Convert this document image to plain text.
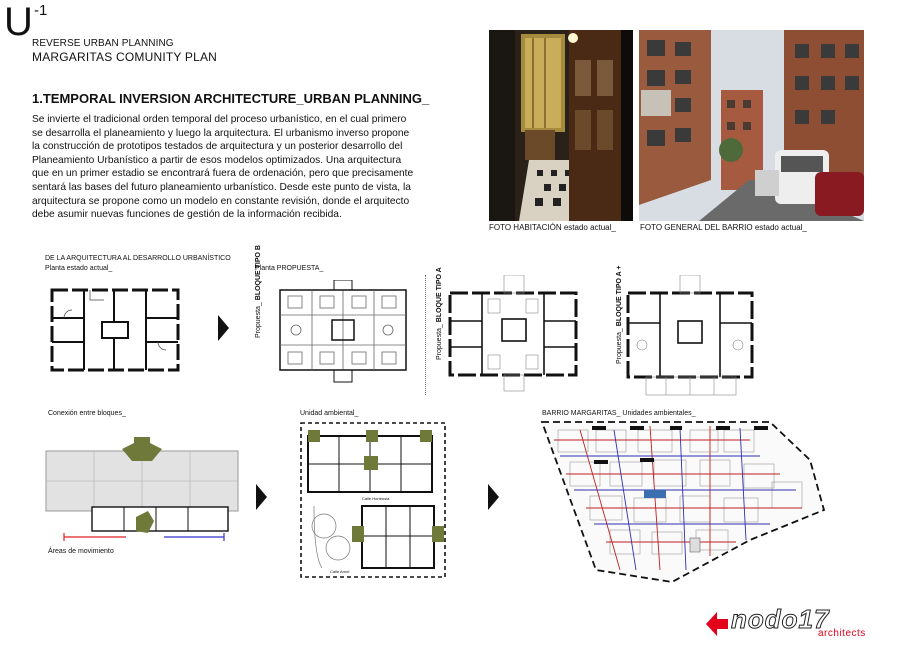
U -1
REVERSE URBAN PLANNING
MARGARITAS COMUNITY PLAN
1.TEMPORAL INVERSION ARCHITECTURE_URBAN PLANNING_
Se invierte el tradicional orden temporal del proceso urbanístico, en el cual primero se desarrolla el planeamiento y luego la arquitectura. El urbanismo inverso propone la construcción de prototipos testados de arquitectura y un posterior desarrollo del Planeamiento Urbanístico a partir de esos modelos optimizados. Una arquitectura que en un primer estadio se encontrará fuera de ordenación, pero que precisamente sentará las bases del futuro planeamiento urbanístico. Desde este punto de vista, la arquitectura se propone como un modelo en constante revisión, donde el arquitecto debe asumir nuevas funciones de gestión de la información recibida.
FOTO HABITACIÓN estado actual_	FOTO GENERAL DEL BARRIO estado actual_
DE LA ARQUITECTURA AL DESARROLLO URBANÍSTICO
Planta estado actual_	Planta PROPUESTA_
Propuesta_ BLOQUE TIPO B
Propuesta_ BLOQUE TIPO A
Propuesta_ BLOQUE TIPO A +
Conexión entre bloques_
Áreas de movimiento
Unidad ambiental_
Calle Hortensia
Calle Arnel
BARRIO MARGARITAS_ Unidades ambientales_
nodo17
architects
